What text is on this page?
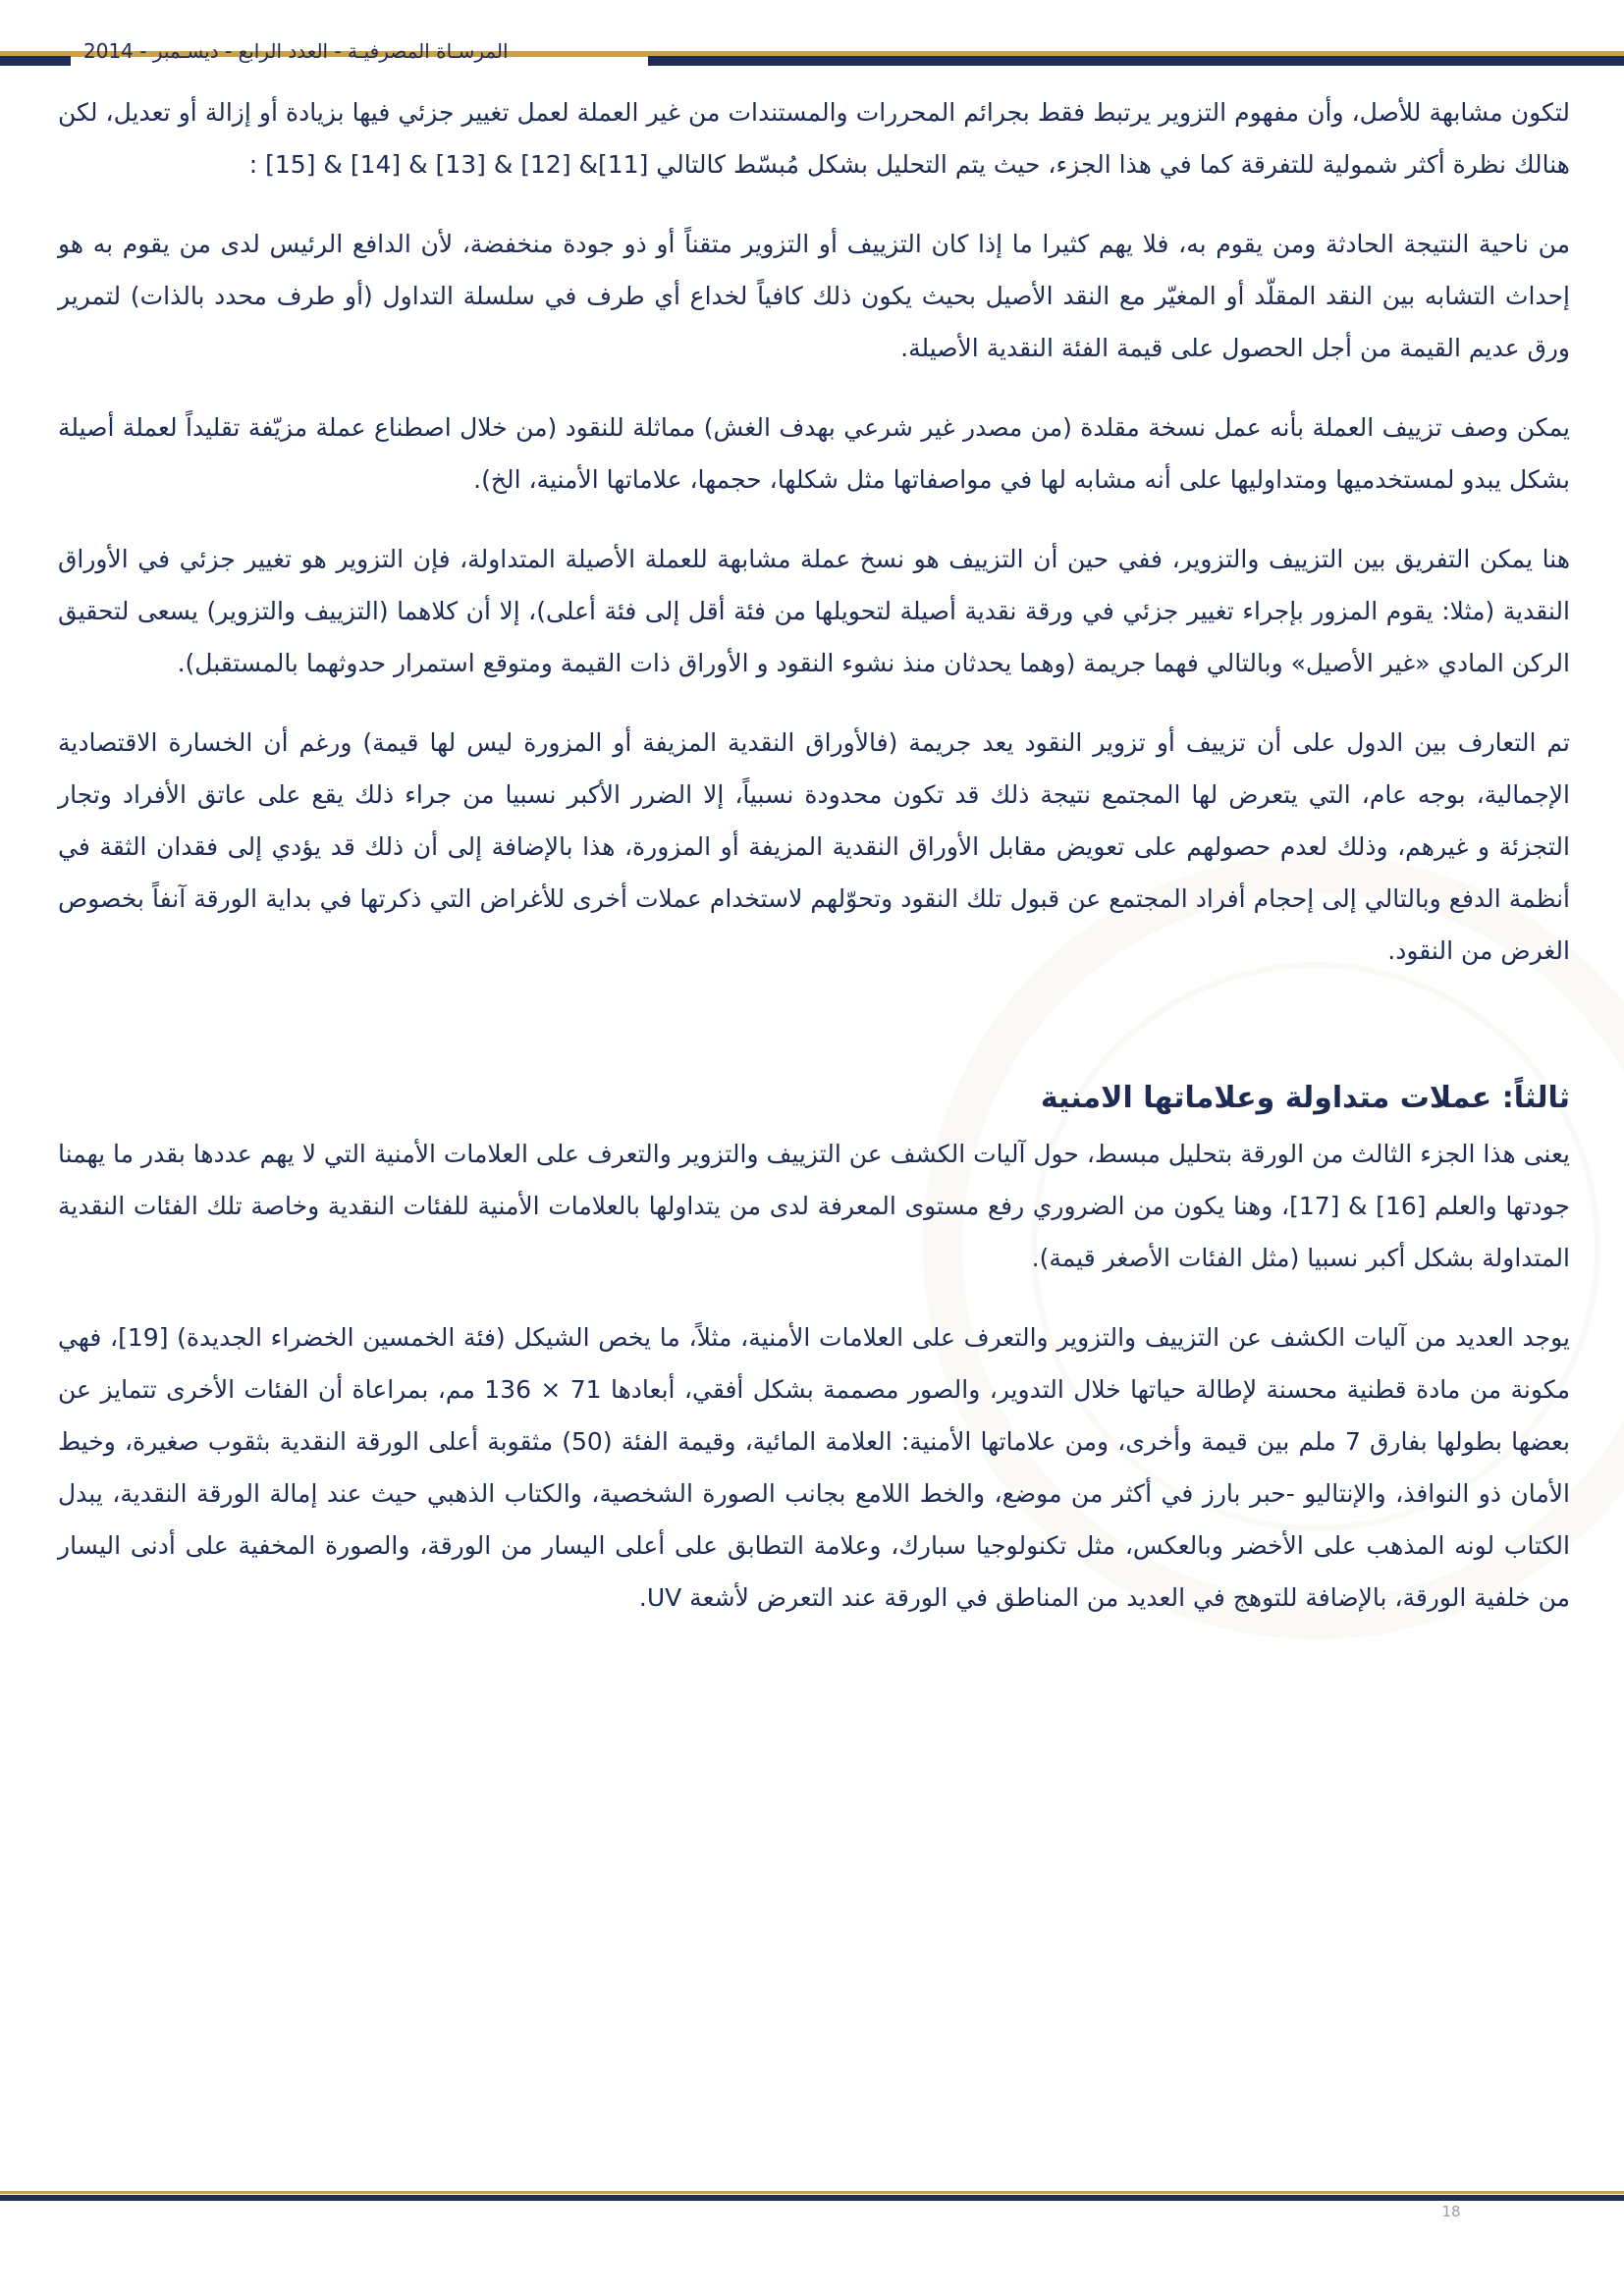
المرسـاة المصرفيـة - العدد الرابع - ديسـمبر - 2014

لتكون مشابهة للأصل، وأن مفهوم التزوير يرتبط فقط بجرائم المحررات والمستندات من غير العملة لعمل تغيير جزئي فيها بزيادة أو إزالة أو تعديل، لكن هنالك نظرة أكثر شمولية للتفرقة كما في هذا الجزء، حيث يتم التحليل بشكل مُبسّط كالتالي [11]& [12] & [13] & [14] & [15] :

من ناحية النتيجة الحادثة ومن يقوم به، فلا يهم كثيرا ما إذا كان التزييف أو التزوير متقناً أو ذو جودة منخفضة، لأن الدافع الرئيس لدى من يقوم به هو إحداث التشابه بين النقد المقلّد أو المغيّر مع النقد الأصيل بحيث يكون ذلك كافياً لخداع أي طرف في سلسلة التداول (أو طرف محدد بالذات) لتمرير ورق عديم القيمة من أجل الحصول على قيمة الفئة النقدية الأصيلة.

يمكن وصف تزييف العملة بأنه عمل نسخة مقلدة (من مصدر غير شرعي بهدف الغش) مماثلة للنقود (من خلال اصطناع عملة مزيّفة تقليداً لعملة أصيلة بشكل يبدو لمستخدميها ومتداوليها على أنه مشابه لها في مواصفاتها مثل شكلها، حجمها، علاماتها الأمنية، الخ).

هنا يمكن التفريق بين التزييف والتزوير، ففي حين أن التزييف هو نسخ عملة مشابهة للعملة الأصيلة المتداولة، فإن التزوير هو تغيير جزئي في الأوراق النقدية (مثلا: يقوم المزور بإجراء تغيير جزئي في ورقة نقدية أصيلة لتحويلها من فئة أقل إلى فئة أعلى)، إلا أن كلاهما (التزييف والتزوير) يسعى لتحقيق الركن المادي «غير الأصيل» وبالتالي فهما جريمة (وهما يحدثان منذ نشوء النقود و الأوراق ذات القيمة ومتوقع استمرار حدوثهما بالمستقبل).

تم التعارف بين الدول على أن تزييف أو تزوير النقود يعد جريمة (فالأوراق النقدية المزيفة أو المزورة ليس لها قيمة) ورغم أن الخسارة الاقتصادية الإجمالية، بوجه عام، التي يتعرض لها المجتمع نتيجة ذلك قد تكون محدودة نسبياً، إلا الضرر الأكبر نسبيا من جراء ذلك يقع على عاتق الأفراد وتجار التجزئة و غيرهم، وذلك لعدم حصولهم على تعويض مقابل الأوراق النقدية المزيفة أو المزورة، هذا بالإضافة إلى أن ذلك قد يؤدي إلى فقدان الثقة في أنظمة الدفع وبالتالي إلى إحجام أفراد المجتمع عن قبول تلك النقود وتحوّلهم لاستخدام عملات أخرى للأغراض التي ذكرتها في بداية الورقة آنفاً بخصوص الغرض من النقود.

ثالثاً: عملات متداولة وعلاماتها الامنية

يعنى هذا الجزء الثالث من الورقة بتحليل مبسط، حول آليات الكشف عن التزييف والتزوير والتعرف على العلامات الأمنية التي لا يهم عددها بقدر ما يهمنا جودتها والعلم [16] & [17]، وهنا يكون من الضروري رفع مستوى المعرفة لدى من يتداولها بالعلامات الأمنية للفئات النقدية وخاصة تلك الفئات النقدية المتداولة بشكل أكبر نسبيا (مثل الفئات الأصغر قيمة).

يوجد العديد من آليات الكشف عن التزييف والتزوير والتعرف على العلامات الأمنية، مثلاً، ما يخص الشيكل (فئة الخمسين الخضراء الجديدة) [19]، فهي مكونة من مادة قطنية محسنة لإطالة حياتها خلال التدوير، والصور مصممة بشكل أفقي، أبعادها 71 × 136 مم، بمراعاة أن الفئات الأخرى تتمايز عن بعضها بطولها بفارق 7 ملم بين قيمة وأخرى، ومن علاماتها الأمنية: العلامة المائية، وقيمة الفئة (50) مثقوبة أعلى الورقة النقدية بثقوب صغيرة، وخيط الأمان ذو النوافذ، والإنتاليو -حبر بارز في أكثر من موضع، والخط اللامع بجانب الصورة الشخصية، والكتاب الذهبي حيث عند إمالة الورقة النقدية، يبدل الكتاب لونه المذهب على الأخضر وبالعكس، مثل تكنولوجيا سبارك، وعلامة التطابق على أعلى اليسار من الورقة، والصورة المخفية على أدنى اليسار من خلفية الورقة، بالإضافة للتوهج في العديد من المناطق في الورقة عند التعرض لأشعة UV.

18
